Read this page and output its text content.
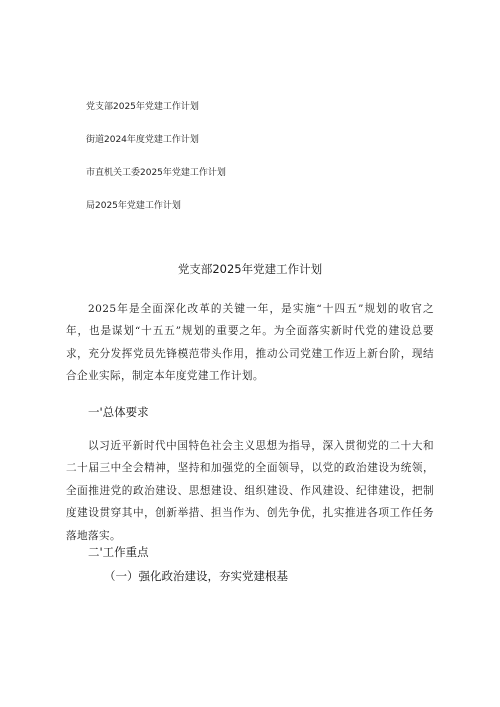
党支部2025年党建工作计划
街道2024年度党建工作计划
市直机关工委2025年党建工作计划
局2025年党建工作计划
党支部2025年党建工作计划

2025年是全面深化改革的关键一年，是实施“十四五”规划的收官之年，也是谋划“十五五”规划的重要之年。为全面落实新时代党的建设总要求，充分发挥党员先锋模范带头作用，推动公司党建工作迈上新台阶，现结合企业实际，制定本年度党建工作计划。

一'总体要求

以习近平新时代中国特色社会主义思想为指导，深入贯彻党的二十大和二十届三中全会精神，坚持和加强党的全面领导，以党的政治建设为统领，全面推进党的政治建设、思想建设、组织建设、作风建设、纪律建设，把制度建设贯穿其中，创新举措、担当作为、创先争优，扎实推进各项工作任务落地落实。

二'工作重点
（一）强化政治建设，夯实党建根基
